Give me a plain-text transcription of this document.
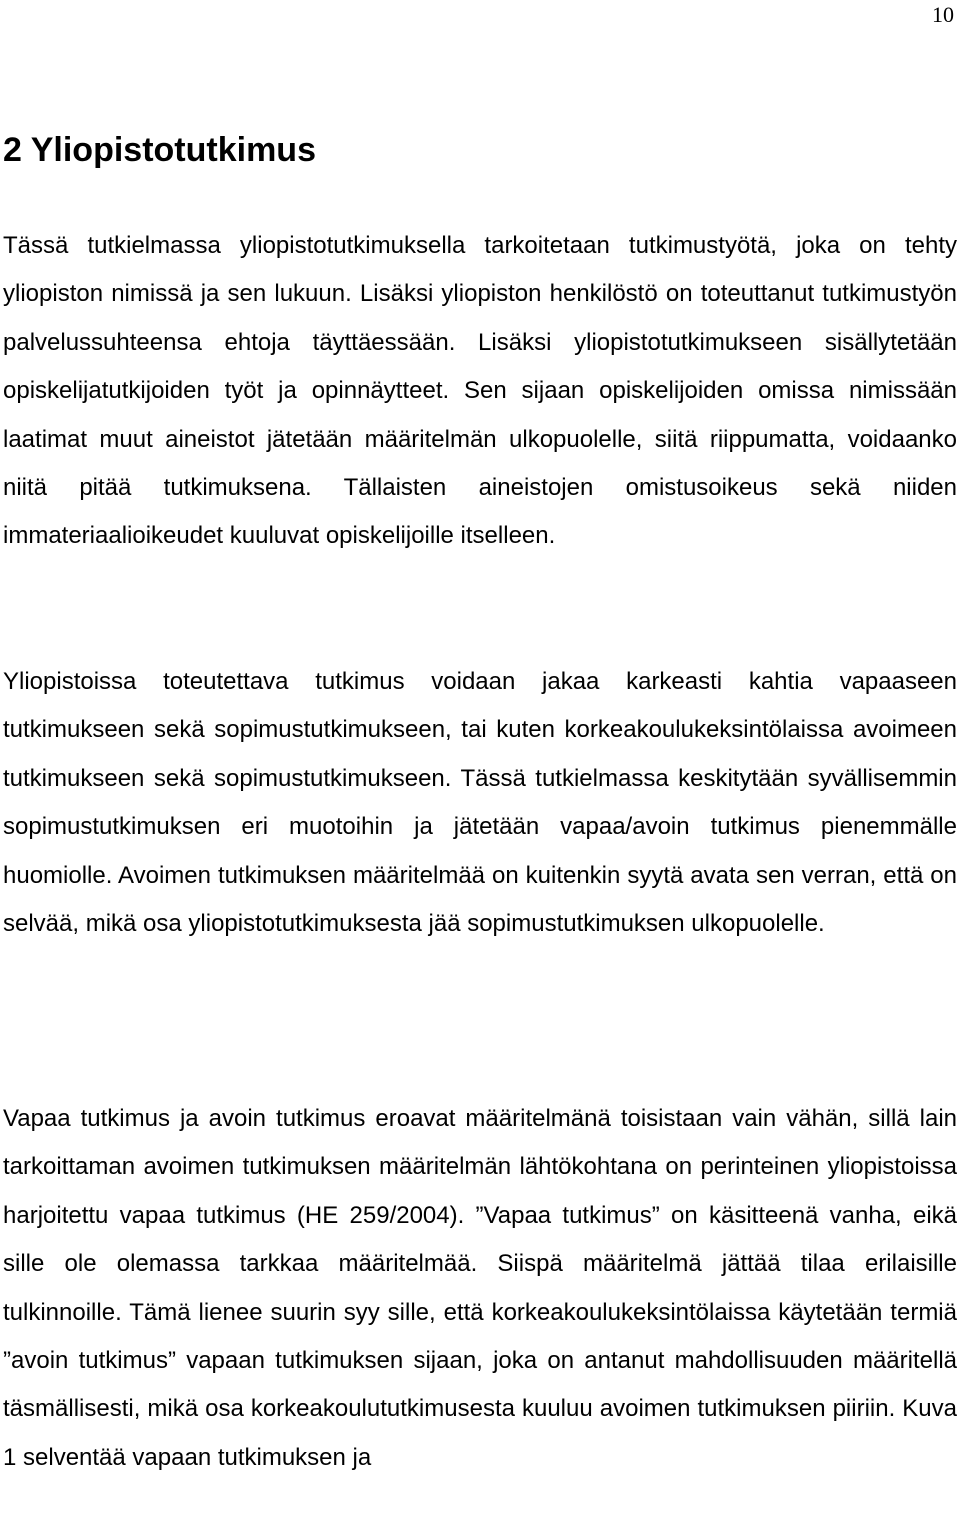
10
2 Yliopistotutkimus

Tässä tutkielmassa yliopistotutkimuksella tarkoitetaan tutkimustyötä, joka on tehty yliopiston nimissä ja sen lukuun. Lisäksi yliopiston henkilöstö on toteuttanut tutkimustyön palvelussuhteensa ehtoja täyttäessään. Lisäksi yliopistotutkimukseen sisällytetään opiskelijatutkijoiden työt ja opinnäytteet. Sen sijaan opiskelijoiden omissa nimissään laatimat muut aineistot jätetään määritelmän ulkopuolelle, siitä riippumatta, voidaanko niitä pitää tutkimuksena. Tällaisten aineistojen omistusoikeus sekä niiden immateriaalioikeudet kuuluvat opiskelijoille itselleen.

Yliopistoissa toteutettava tutkimus voidaan jakaa karkeasti kahtia vapaaseen tutkimukseen sekä sopimustutkimukseen, tai kuten korkeakoulukeksintölaissa avoimeen tutkimukseen sekä sopimustutkimukseen. Tässä tutkielmassa keskitytään syvällisemmin sopimustutkimuksen eri muotoihin ja jätetään vapaa/avoin tutkimus pienemmälle huomiolle. Avoimen tutkimuksen määritelmää on kuitenkin syytä avata sen verran, että on selvää, mikä osa yliopistotutkimuksesta jää sopimustutkimuksen ulkopuolelle.

Vapaa tutkimus ja avoin tutkimus eroavat määritelmänä toisistaan vain vähän, sillä lain tarkoittaman avoimen tutkimuksen määritelmän lähtökohtana on perinteinen yliopistoissa harjoitettu vapaa tutkimus (HE 259/2004). ”Vapaa tutkimus” on käsitteenä vanha, eikä sille ole olemassa tarkkaa määritelmää. Siispä määritelmä jättää tilaa erilaisille tulkinnoille. Tämä lienee suurin syy sille, että korkeakoulukeksintölaissa käytetään termiä ”avoin tutkimus” vapaan tutkimuksen sijaan, joka on antanut mahdollisuuden määritellä täsmällisesti, mikä osa korkeakoulututkimusesta kuuluu avoimen tutkimuksen piiriin. Kuva 1 selventää vapaan tutkimuksen ja
